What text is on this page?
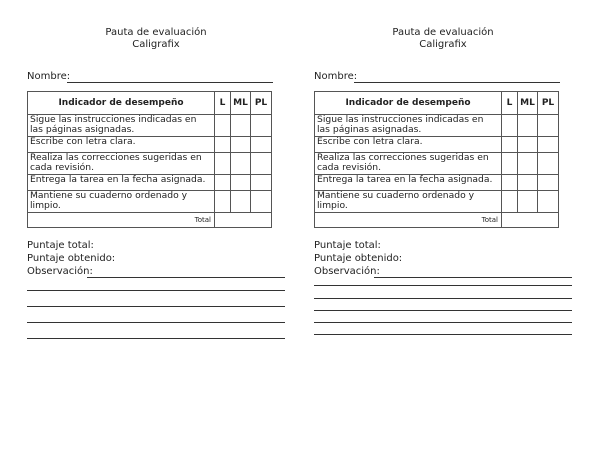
Pauta de evaluación
Caligrafix
Nombre:
Indicador de desempeño	L	ML	PL
Sigue las instrucciones indicadas en las páginas asignadas.			
Escribe con letra clara.			
Realiza las correcciones sugeridas en cada revisión.			
Entrega la tarea en la fecha asignada.			
Mantiene su cuaderno ordenado y limpio.			
Total			
Puntaje total:
Puntaje obtenido:
Observación:
Pauta de evaluación
Caligrafix
Nombre:
Indicador de desempeño	L	ML	PL
Sigue las instrucciones indicadas en las páginas asignadas.			
Escribe con letra clara.			
Realiza las correcciones sugeridas en cada revisión.			
Entrega la tarea en la fecha asignada.			
Mantiene su cuaderno ordenado y limpio.			
Total			
Puntaje total:
Puntaje obtenido:
Observación:
